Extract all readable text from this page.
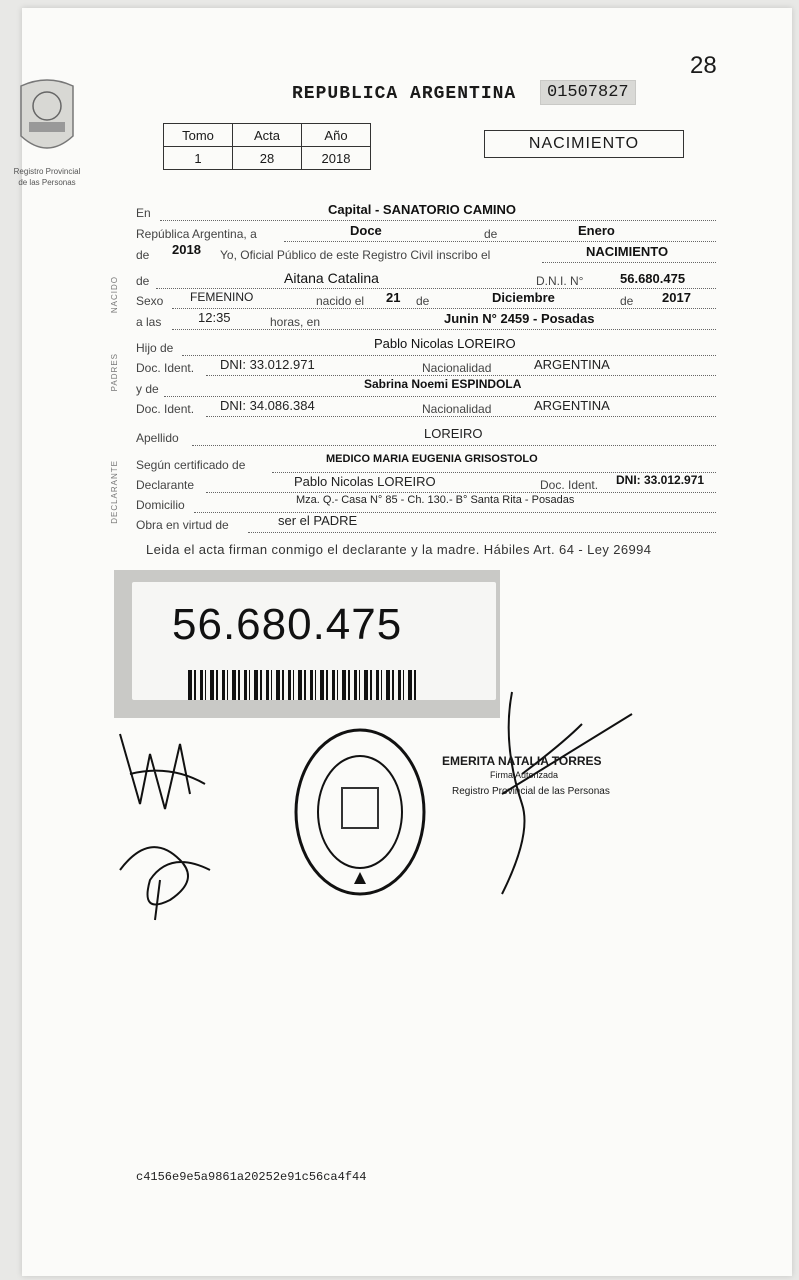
Registro Provincial
de las Personas
28
REPUBLICA ARGENTINA	01507827
Tomo	Acta	Año
1	28	2018
NACIMIENTO
NACIDO
PADRES
DECLARANTE
En	Capital - SANATORIO CAMINO
República Argentina, a	Doce	de	Enero
de 2018 Yo, Oficial Público de este Registro Civil inscribo el	NACIMIENTO
de	Aitana Catalina	D.N.I. N°	56.680.475
Sexo FEMENINO	nacido el 21 de	Diciembre	de 2017
a las	12:35	horas, en	Junin N° 2459 - Posadas
Hijo de	Pablo Nicolas LOREIRO
Doc. Ident. DNI: 33.012.971	Nacionalidad	ARGENTINA
y de	Sabrina Noemi ESPINDOLA
Doc. Ident. DNI: 34.086.384	Nacionalidad	ARGENTINA
Apellido	LOREIRO
Según certificado de	MEDICO MARIA EUGENIA GRISOSTOLO
Declarante	Pablo Nicolas LOREIRO	Doc. Ident. DNI: 33.012.971
Domicilio	Mza. Q.- Casa N° 85 - Ch. 130.- B° Santa Rita - Posadas
Obra en virtud de	ser el PADRE
Leida el acta firman conmigo el declarante y la madre. Hábiles Art. 64 - Ley 26994
56.680.475
EMERITA NATALIA TORRES
Firma Autorizada
Registro Provincial de las Personas
c4156e9e5a9861a20252e91c56ca4f44
